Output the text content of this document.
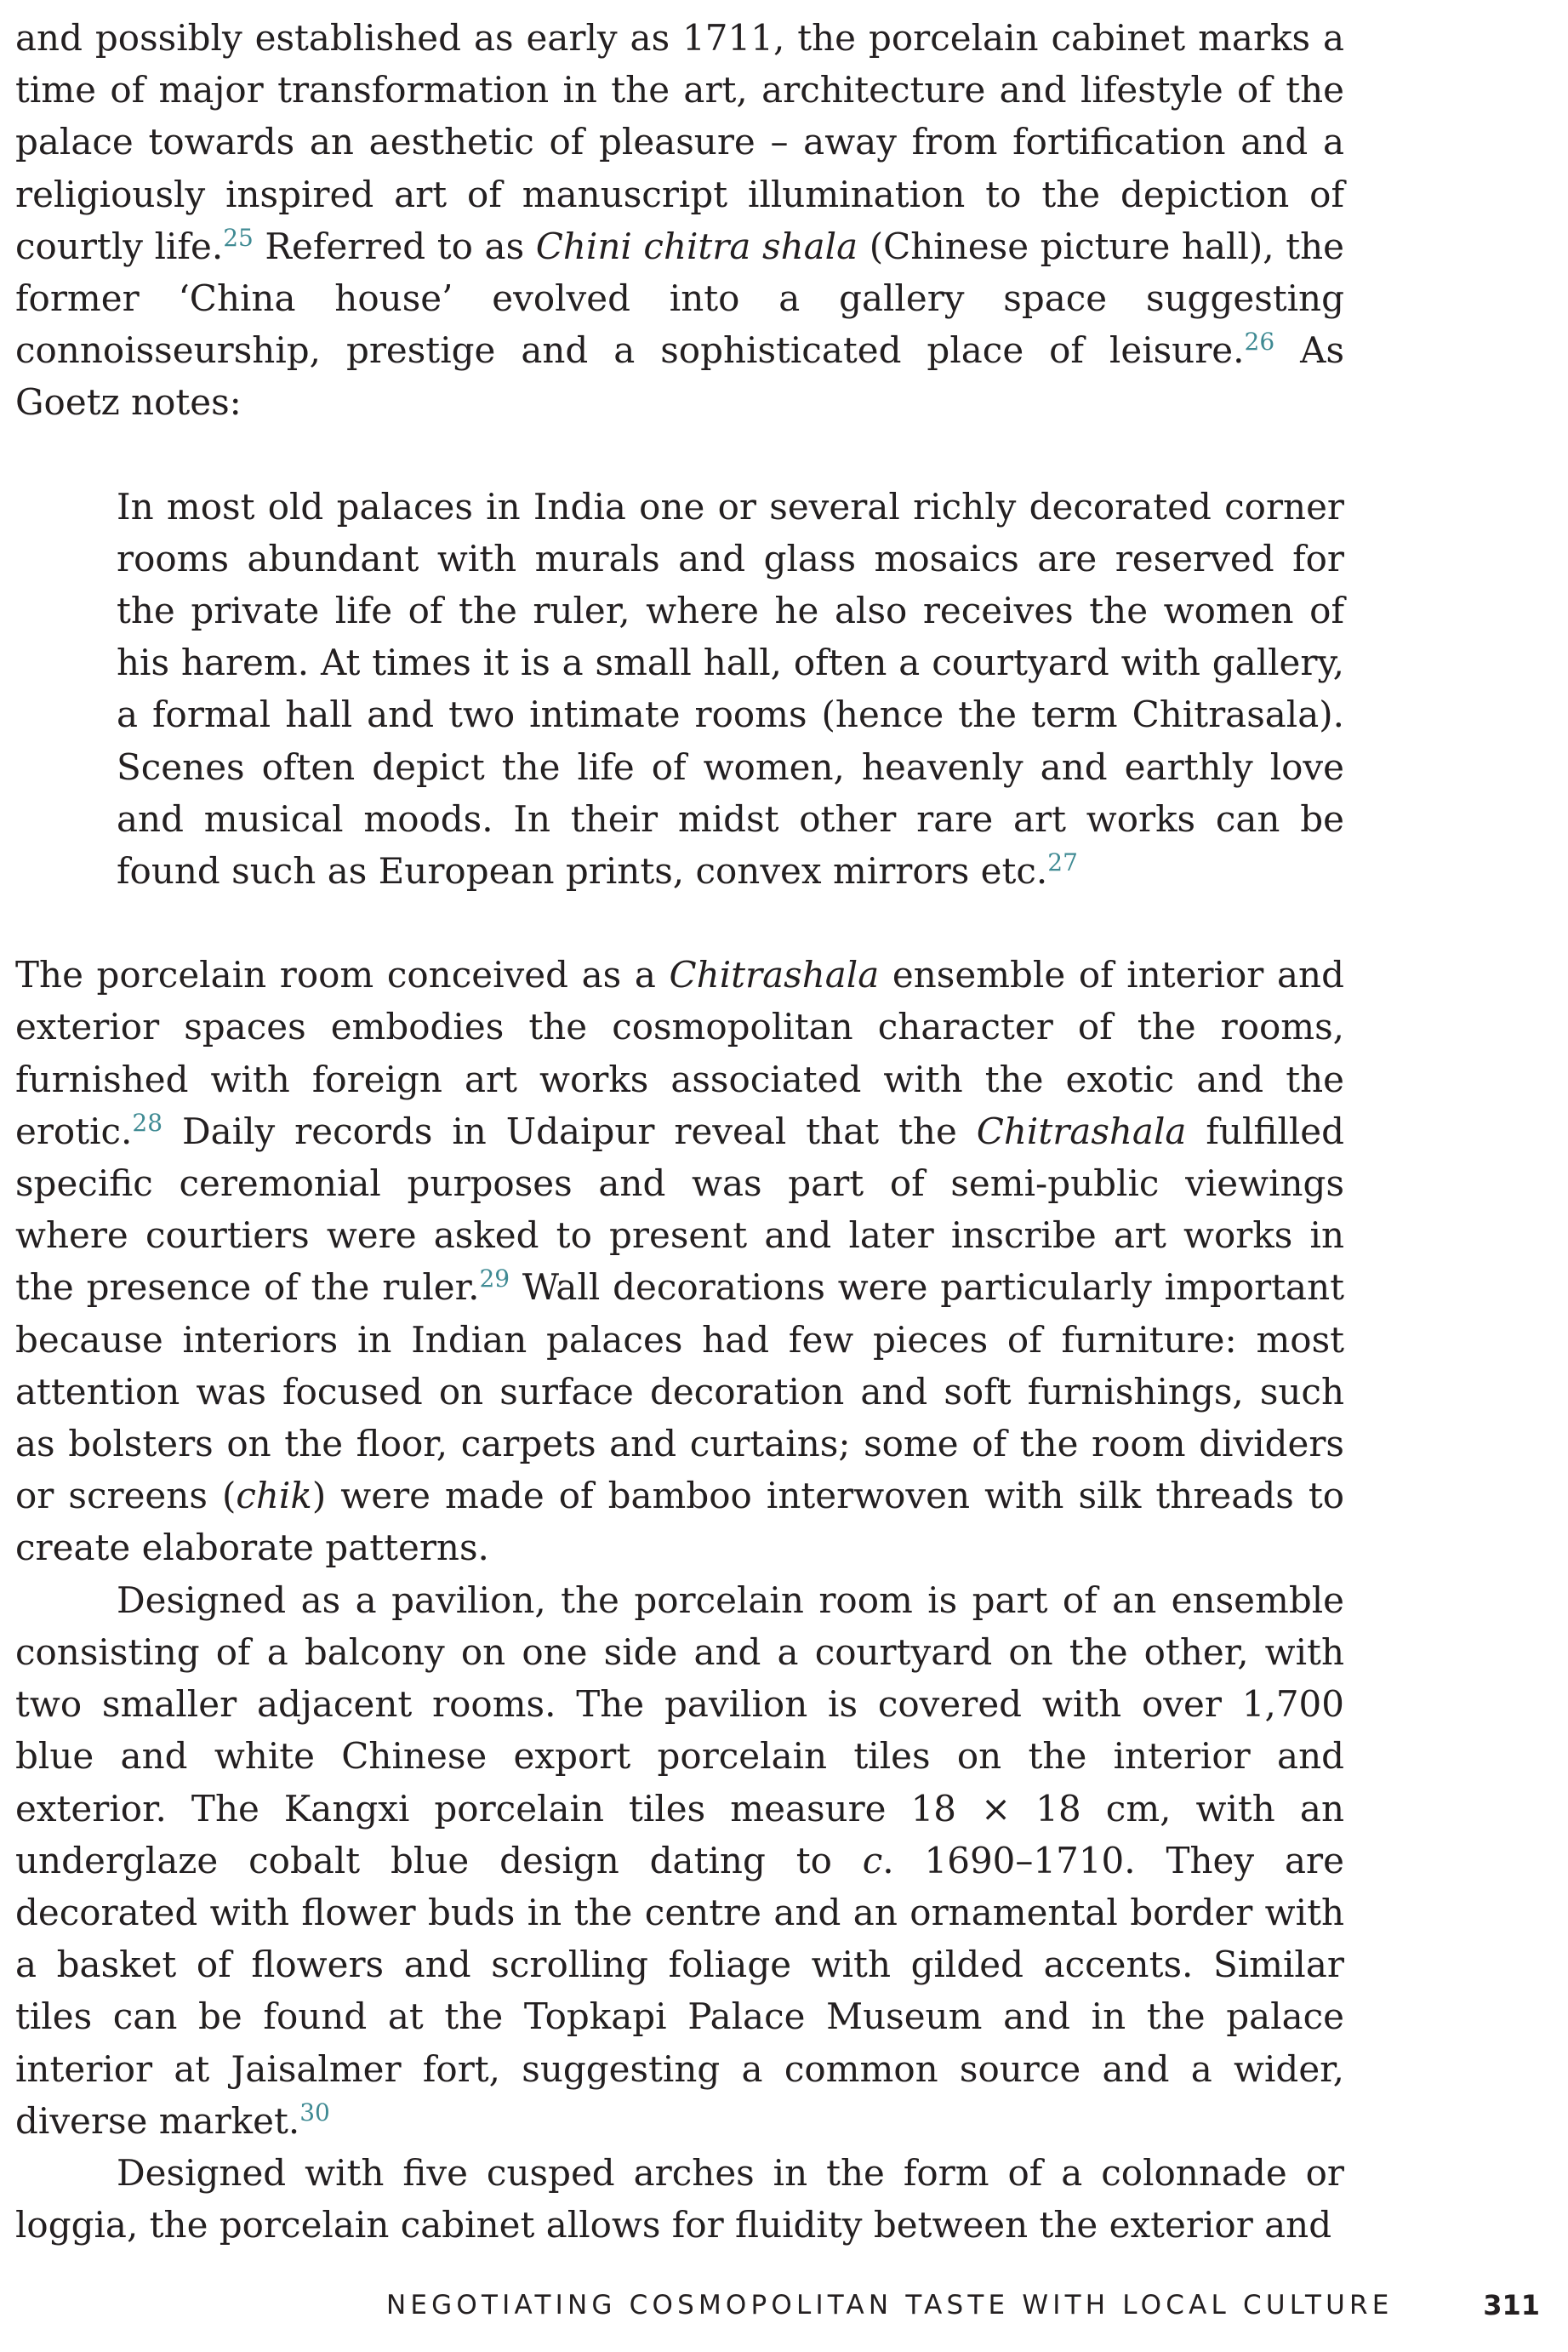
and possibly established as early as 1711, the porcelain cabinet marks a time of major transformation in the art, architecture and lifestyle of the palace towards an aesthetic of pleasure – away from fortification and a religiously inspired art of manuscript illumination to the depiction of courtly life.$^{25}$ Referred to as Chini chitra shala (Chinese picture hall), the former ‘China house’ evolved into a gallery space suggesting connoisseurship, prestige and a sophisticated place of leisure.$^{26}$ As Goetz notes:

In most old palaces in India one or several richly decorated corner rooms abundant with murals and glass mosaics are reserved for the private life of the ruler, where he also receives the women of his harem. At times it is a small hall, often a courtyard with gallery, a formal hall and two intimate rooms (hence the term Chitrasala). Scenes often depict the life of women, heavenly and earthly love and musical moods. In their midst other rare art works can be found such as European prints, convex mirrors etc.$^{27}$

The porcelain room conceived as a Chitrashala ensemble of interior and exterior spaces embodies the cosmopolitan character of the rooms, furnished with foreign art works associated with the exotic and the erotic.$^{28}$ Daily records in Udaipur reveal that the Chitrashala fulfilled specific ceremonial purposes and was part of semi-public viewings where courtiers were asked to present and later inscribe art works in the presence of the ruler.$^{29}$ Wall decorations were particularly important because interiors in Indian palaces had few pieces of furniture: most attention was focused on surface decoration and soft furnishings, such as bolsters on the floor, carpets and curtains; some of the room dividers or screens (chik) were made of bamboo interwoven with silk threads to create elaborate patterns.

Designed as a pavilion, the porcelain room is part of an ensemble consisting of a balcony on one side and a courtyard on the other, with two smaller adjacent rooms. The pavilion is covered with over 1,700 blue and white Chinese export porcelain tiles on the interior and exterior. The Kangxi porcelain tiles measure 18 × 18 cm, with an underglaze cobalt blue design dating to c. 1690–1710. They are decorated with flower buds in the centre and an ornamental border with a basket of flowers and scrolling foliage with gilded accents. Similar tiles can be found at the Topkapi Palace Museum and in the palace interior at Jaisalmer fort, suggesting a common source and a wider, diverse market.$^{30}$

Designed with five cusped arches in the form of a colonnade or loggia, the porcelain cabinet allows for fluidity between the exterior and

NEGOTIATING COSMOPOLITAN TASTE WITH LOCAL CULTURE	311
